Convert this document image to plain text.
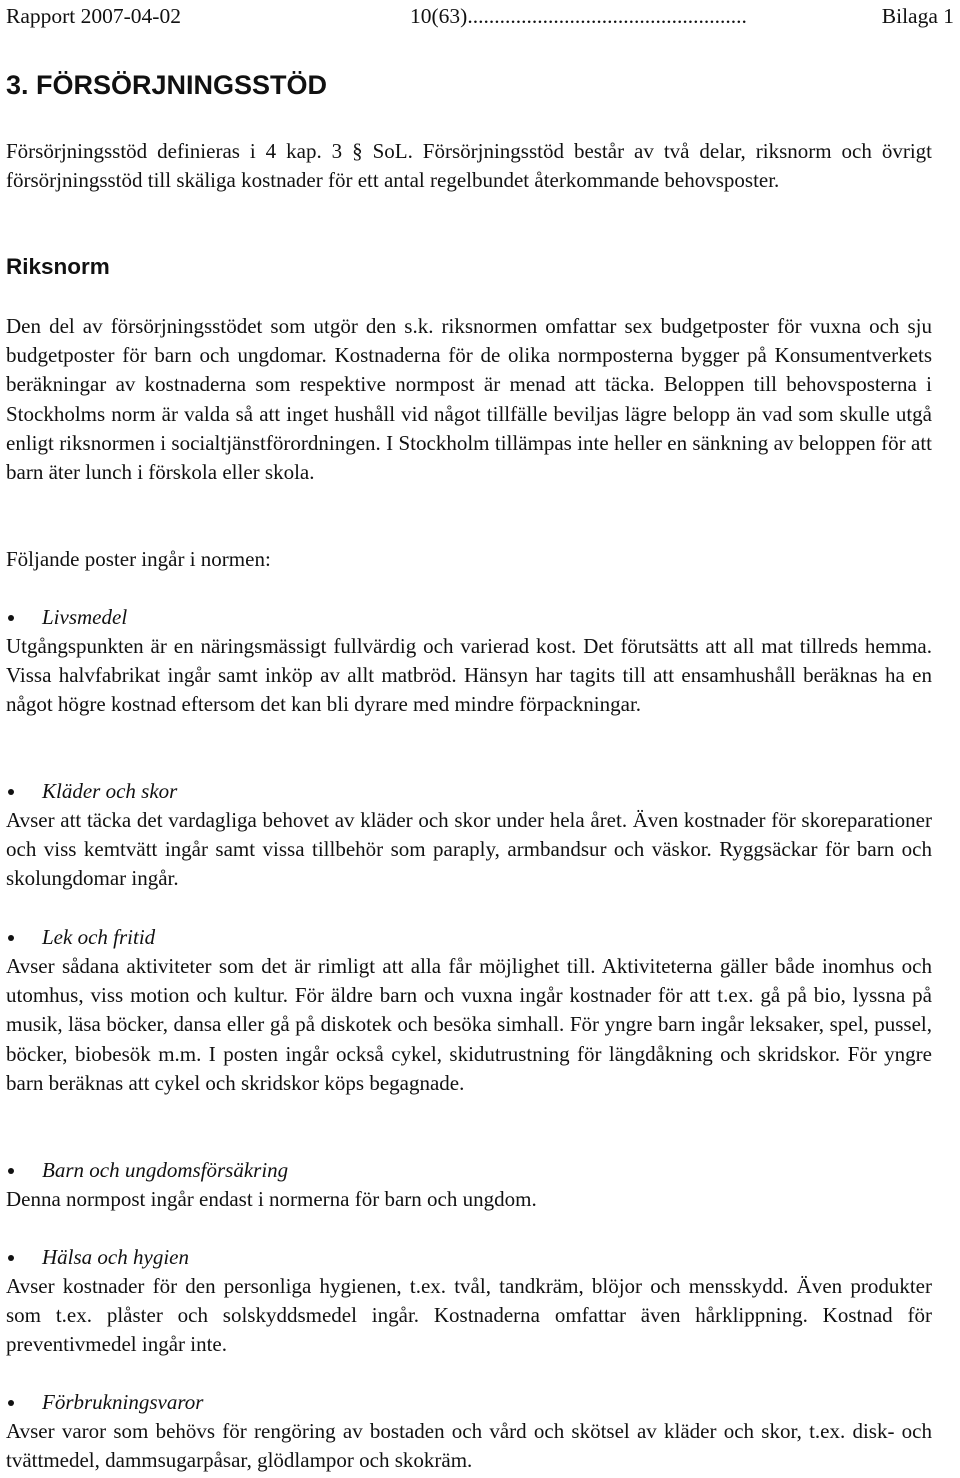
Rapport 2007-04-02	10(63)....................................................	Bilaga 1
3. FÖRSÖRJNINGSSTÖD

Försörjningsstöd definieras i 4 kap. 3 § SoL. Försörjningsstöd består av två delar, riksnorm och övrigt försörjningsstöd till skäliga kostnader för ett antal regelbundet återkommande behovsposter.

Riksnorm

Den del av försörjningsstödet som utgör den s.k. riksnormen omfattar sex budgetposter för vuxna och sju budgetposter för barn och ungdomar. Kostnaderna för de olika normposterna bygger på Konsumentverkets beräkningar av kostnaderna som respektive normpost är menad att täcka. Beloppen till behovsposterna i Stockholms norm är valda så att inget hushåll vid något tillfälle beviljas lägre belopp än vad som skulle utgå enligt riksnormen i socialtjänstförordningen. I Stockholm tillämpas inte heller en sänkning av beloppen för att barn äter lunch i förskola eller skola.

Följande poster ingår i normen:

Livsmedel

Utgångspunkten är en näringsmässigt fullvärdig och varierad kost. Det förutsätts att all mat tillreds hemma. Vissa halvfabrikat ingår samt inköp av allt matbröd. Hänsyn har tagits till att ensamhushåll beräknas ha en något högre kostnad eftersom det kan bli dyrare med mindre förpackningar.

Kläder och skor

Avser att täcka det vardagliga behovet av kläder och skor under hela året. Även kostnader för skoreparationer och viss kemtvätt ingår samt vissa tillbehör som paraply, armbandsur och väskor. Ryggsäckar för barn och skolungdomar ingår.

Lek och fritid

Avser sådana aktiviteter som det är rimligt att alla får möjlighet till. Aktiviteterna gäller både inomhus och utomhus, viss motion och kultur. För äldre barn och vuxna ingår kostnader för att t.ex. gå på bio, lyssna på musik, läsa böcker, dansa eller gå på diskotek och besöka simhall. För yngre barn ingår leksaker, spel, pussel, böcker, biobesök m.m. I posten ingår också cykel, skidutrustning för längdåkning och skridskor. För yngre barn beräknas att cykel och skridskor köps begagnade.

Barn och ungdomsförsäkring

Denna normpost ingår endast i normerna för barn och ungdom.

Hälsa och hygien

Avser kostnader för den personliga hygienen, t.ex. tvål, tandkräm, blöjor och mensskydd. Även produkter som t.ex. plåster och solskyddsmedel ingår. Kostnaderna omfattar även hårklippning. Kostnad för preventivmedel ingår inte.

Förbrukningsvaror

Avser varor som behövs för rengöring av bostaden och vård och skötsel av kläder och skor, t.ex. disk- och tvättmedel, dammsugarpåsar, glödlampor och skokräm.
